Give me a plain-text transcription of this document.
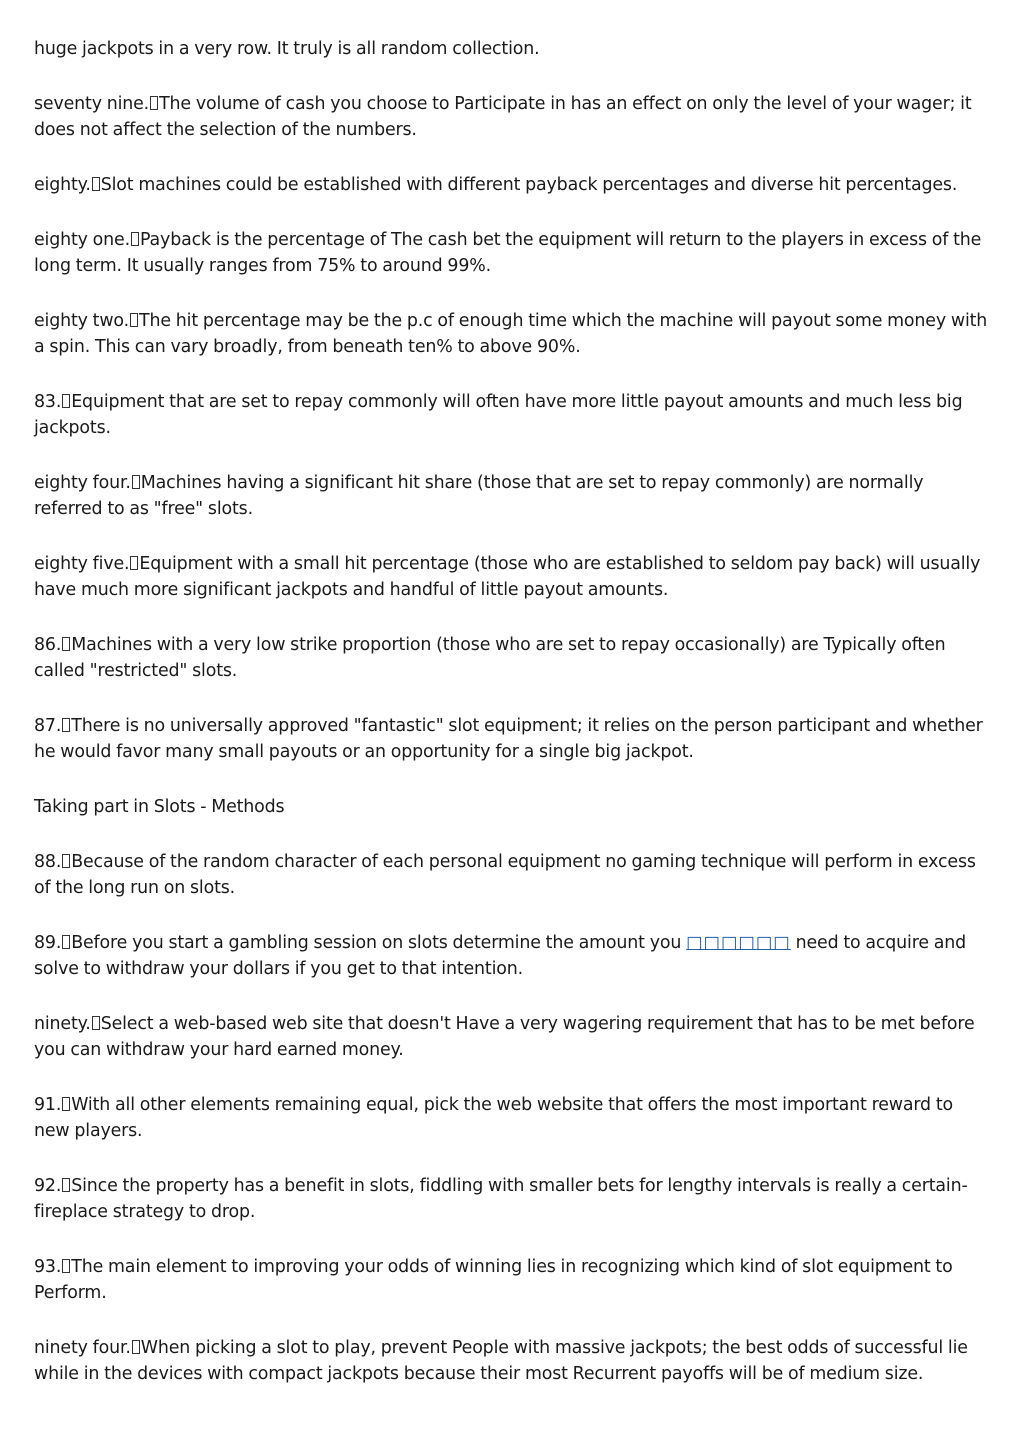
huge jackpots in a very row. It truly is all random collection.

seventy nine. The volume of cash you choose to Participate in has an effect on only the level of your wager; it does not affect the selection of the numbers.

eighty. Slot machines could be established with different payback percentages and diverse hit percentages.

eighty one. Payback is the percentage of The cash bet the equipment will return to the players in excess of the long term. It usually ranges from 75% to around 99%.

eighty two. The hit percentage may be the p.c of enough time which the machine will payout some money with a spin. This can vary broadly, from beneath ten% to above 90%.

83. Equipment that are set to repay commonly will often have more little payout amounts and much less big jackpots.

eighty four. Machines having a significant hit share (those that are set to repay commonly) are normally referred to as "free" slots.

eighty five. Equipment with a small hit percentage (those who are established to seldom pay back) will usually have much more significant jackpots and handful of little payout amounts.

86. Machines with a very low strike proportion (those who are set to repay occasionally) are Typically often called "restricted" slots.

87. There is no universally approved "fantastic" slot equipment; it relies on the person participant and whether he would favor many small payouts or an opportunity for a single big jackpot.

Taking part in Slots - Methods

88. Because of the random character of each personal equipment no gaming technique will perform in excess of the long run on slots.

89. Before you start a gambling session on slots determine the amount you □□□□□□ need to acquire and solve to withdraw your dollars if you get to that intention.

ninety. Select a web-based web site that doesn't Have a very wagering requirement that has to be met before you can withdraw your hard earned money.

91. With all other elements remaining equal, pick the web website that offers the most important reward to new players.

92. Since the property has a benefit in slots, fiddling with smaller bets for lengthy intervals is really a certain-fireplace strategy to drop.

93. The main element to improving your odds of winning lies in recognizing which kind of slot equipment to Perform.

ninety four. When picking a slot to play, prevent People with massive jackpots; the best odds of successful lie while in the devices with compact jackpots because their most Recurrent payoffs will be of medium size.
